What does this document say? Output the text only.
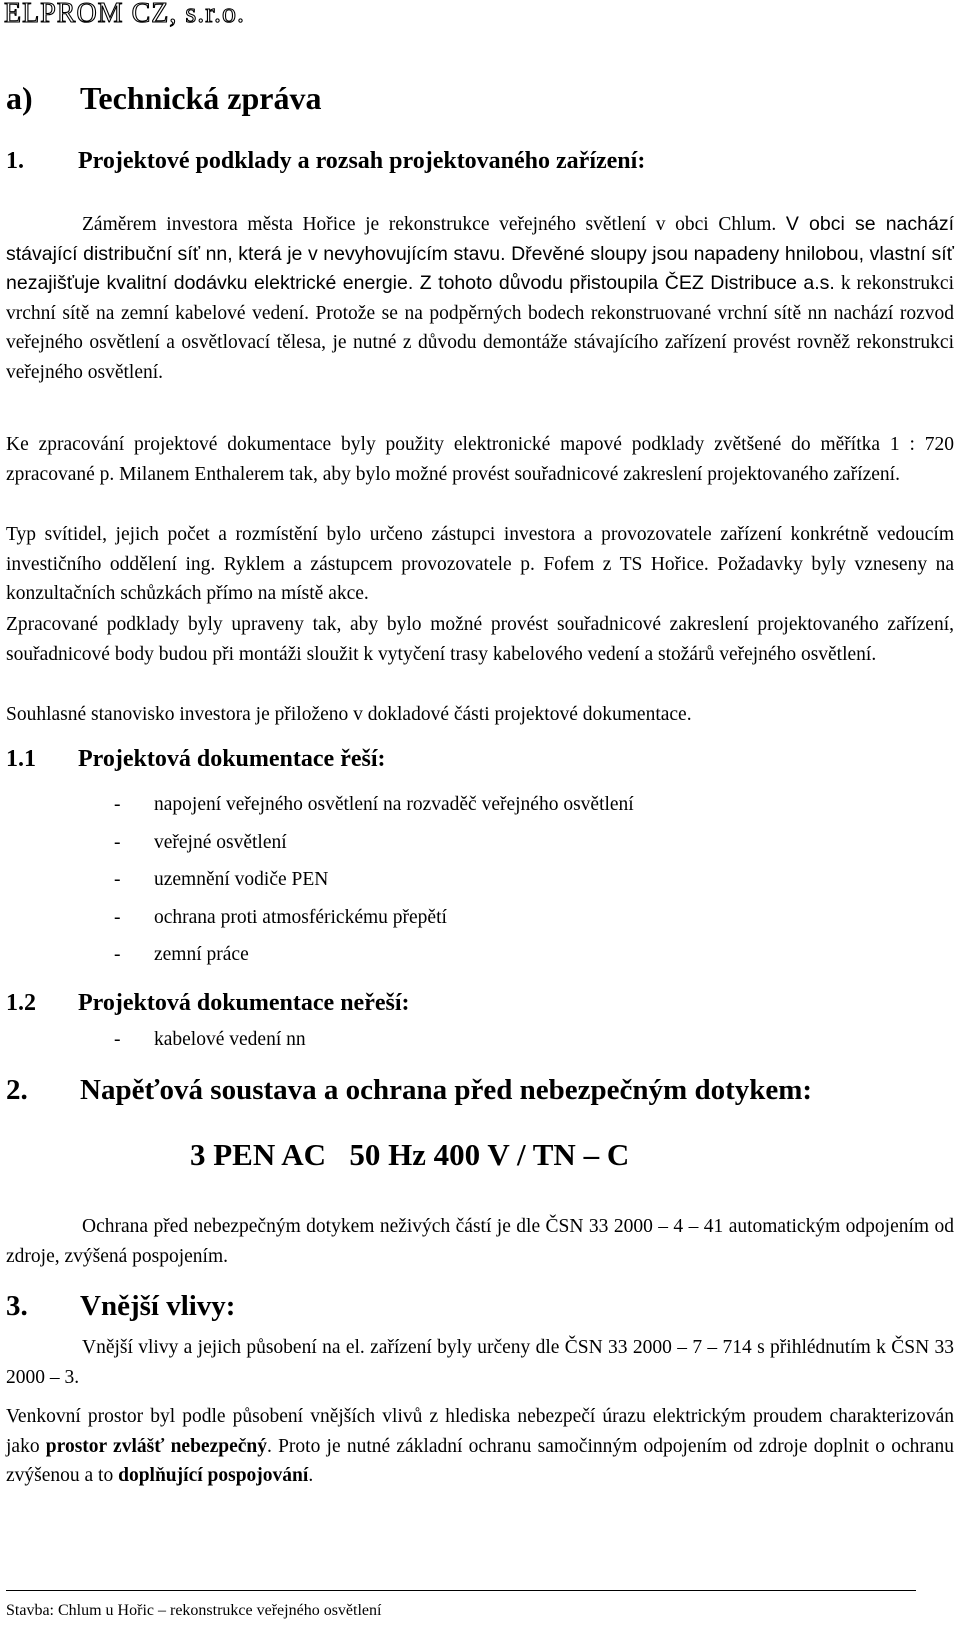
ELPROM CZ, s.r.o.
a) Technická zpráva
1. Projektové podklady a rozsah projektovaného zařízení:
Záměrem investora města Hořice je rekonstrukce veřejného světlení v obci Chlum. V obci se nachází stávající distribuční síť nn, která je v nevyhovujícím stavu. Dřevěné sloupy jsou napadeny hnilobou, vlastní síť nezajišťuje kvalitní dodávku elektrické energie. Z tohoto důvodu přistoupila ČEZ Distribuce a.s. k rekonstrukci vrchní sítě na zemní kabelové vedení. Protože se na podpěrných bodech rekonstruované vrchní sítě nn nachází rozvod veřejného osvětlení a osvětlovací tělesa, je nutné z důvodu demontáže stávajícího zařízení provést rovněž rekonstrukci veřejného osvětlení.
Ke zpracování projektové dokumentace byly použity elektronické mapové podklady zvětšené do měřítka 1 : 720 zpracované p. Milanem Enthalerem tak, aby bylo možné provést souřadnicové zakreslení projektovaného zařízení.
Typ svítidel, jejich počet a rozmístění bylo určeno zástupci investora a provozovatele zařízení konkrétně vedoucím investičního oddělení ing. Ryklem a zástupcem provozovatele p. Fofem z TS Hořice. Požadavky byly vzneseny na konzultačních schůzkách přímo na místě akce.
Zpracované podklady byly upraveny tak, aby bylo možné provést souřadnicové zakreslení projektovaného zařízení, souřadnicové body budou při montáži sloužit k vytyčení trasy kabelového vedení a stožárů veřejného osvětlení.
Souhlasné stanovisko investora je přiloženo v dokladové části projektové dokumentace.
1.1 Projektová dokumentace řeší:
- napojení veřejného osvětlení na rozvaděč veřejného osvětlení
- veřejné osvětlení
- uzemnění vodiče PEN
- ochrana proti atmosférickému přepětí
- zemní práce
1.2 Projektová dokumentace neřeší:
- kabelové vedení nn
2. Napěťová soustava a ochrana před nebezpečným dotykem:
3 PEN AC   50 Hz 400 V / TN – C
Ochrana před nebezpečným dotykem neživých částí je dle ČSN 33 2000 – 4 – 41 automatickým odpojením od zdroje, zvýšená pospojením.
3. Vnější vlivy:
Vnější vlivy a jejich působení na el. zařízení byly určeny dle ČSN 33 2000 – 7 – 714 s přihlédnutím k ČSN 33 2000 – 3.
Venkovní prostor byl podle působení vnějších vlivů z hlediska nebezpečí úrazu elektrickým proudem charakterizován jako prostor zvlášť nebezpečný. Proto je nutné základní ochranu samočinným odpojením od zdroje doplnit o ochranu zvýšenou a to doplňující pospojování.
Stavba: Chlum u Hořic – rekonstrukce veřejného osvětlení
